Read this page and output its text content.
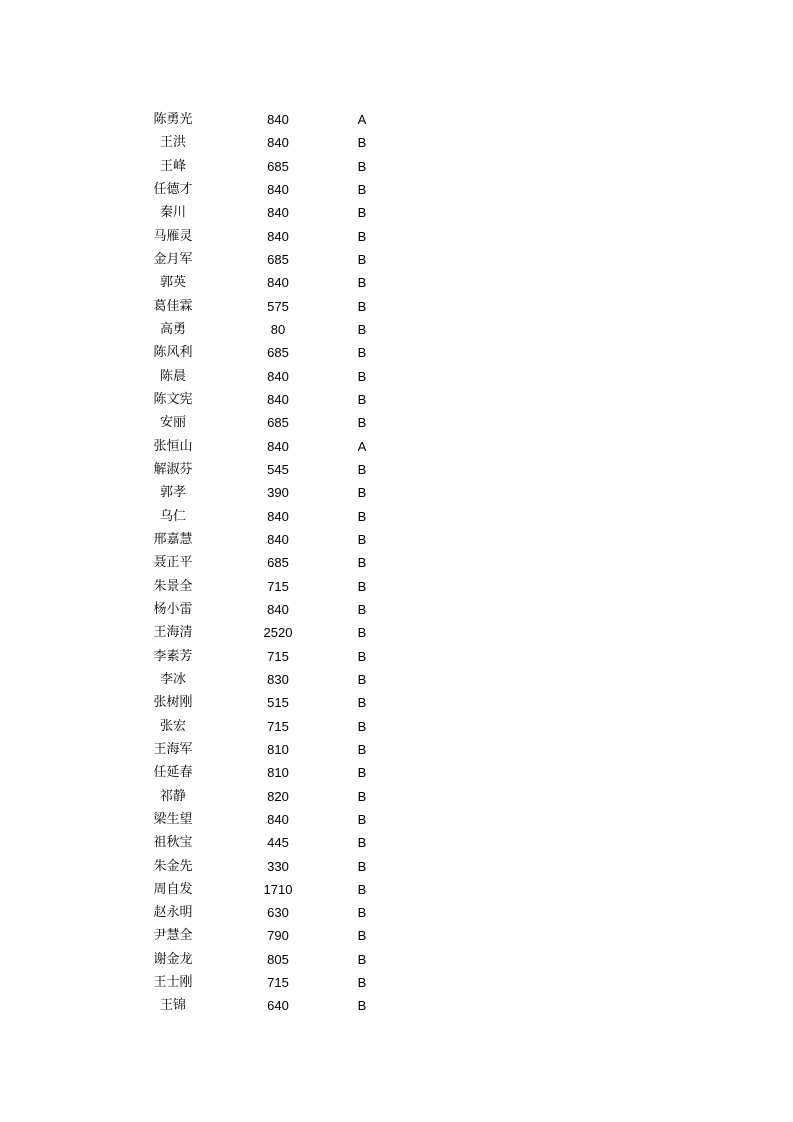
陈勇光	840	A
王洪	840	B
王峰	685	B
任德才	840	B
秦川	840	B
马雁灵	840	B
金月军	685	B
郭英	840	B
葛佳霖	575	B
高勇	80	B
陈风利	685	B
陈晨	840	B
陈文宪	840	B
安丽	685	B
张恒山	840	A
解淑芬	545	B
郭孝	390	B
乌仁	840	B
邢嘉慧	840	B
聂正平	685	B
朱景全	715	B
杨小雷	840	B
王海清	2520	B
李素芳	715	B
李冰	830	B
张树刚	515	B
张宏	715	B
王海军	810	B
任延春	810	B
祁静	820	B
梁生望	840	B
祖秋宝	445	B
朱金先	330	B
周自发	1710	B
赵永明	630	B
尹慧全	790	B
谢金龙	805	B
王士刚	715	B
王锦	640	B
